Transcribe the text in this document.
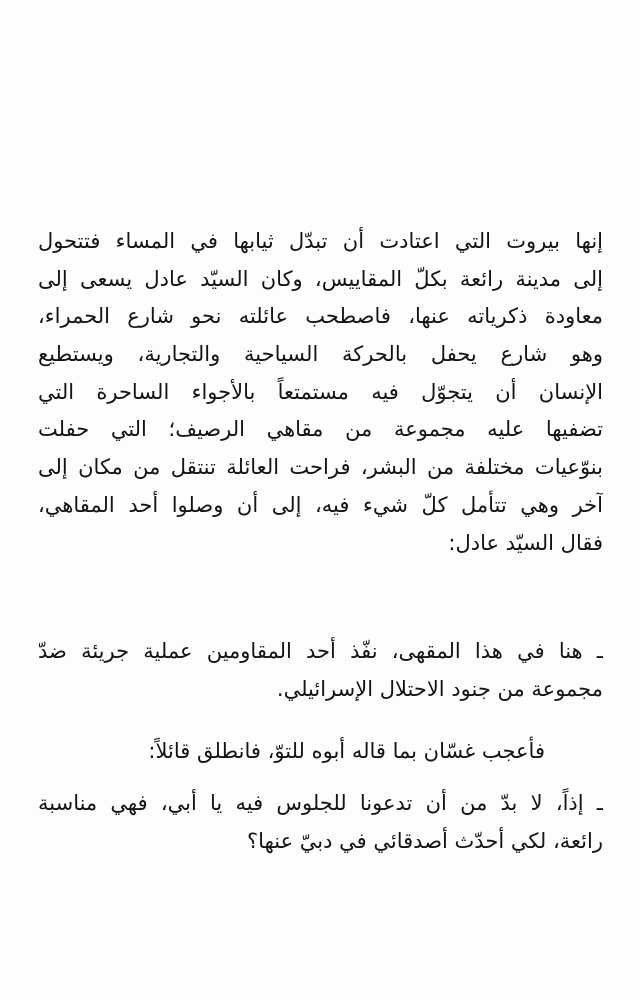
إنها بيروت التي اعتادت أن تبدّل ثيابها في المساء فتتحول
إلى مدينة رائعة بكلّ المقاييس، وكان السيّد عادل يسعى إلى
معاودة ذكرياته عنها، فاصطحب عائلته نحو شارع الحمراء،
وهو شارع يحفل بالحركة السياحية والتجارية، ويستطيع
الإنسان أن يتجوّل فيه مستمتعاً بالأجواء الساحرة التي
تضفيها عليه مجموعة من مقاهي الرصيف؛ التي حفلت
بنوّعيات مختلفة من البشر، فراحت العائلة تنتقل من مكان إلى
آخر وهي تتأمل كلّ شيء فيه، إلى أن وصلوا أحد المقاهي،
فقال السيّد عادل:
ـ هنا في هذا المقهى، نفّذ أحد المقاومين عملية جريئة ضدّ
مجموعة من جنود الاحتلال الإسرائيلي.
فأعجب غسّان بما قاله أبوه للتوّ، فانطلق قائلاً:
ـ إذاً، لا بدّ من أن تدعونا للجلوس فيه يا أبي، فهي مناسبة
رائعة، لكي أحدّث أصدقائي في دبيّ عنها؟
